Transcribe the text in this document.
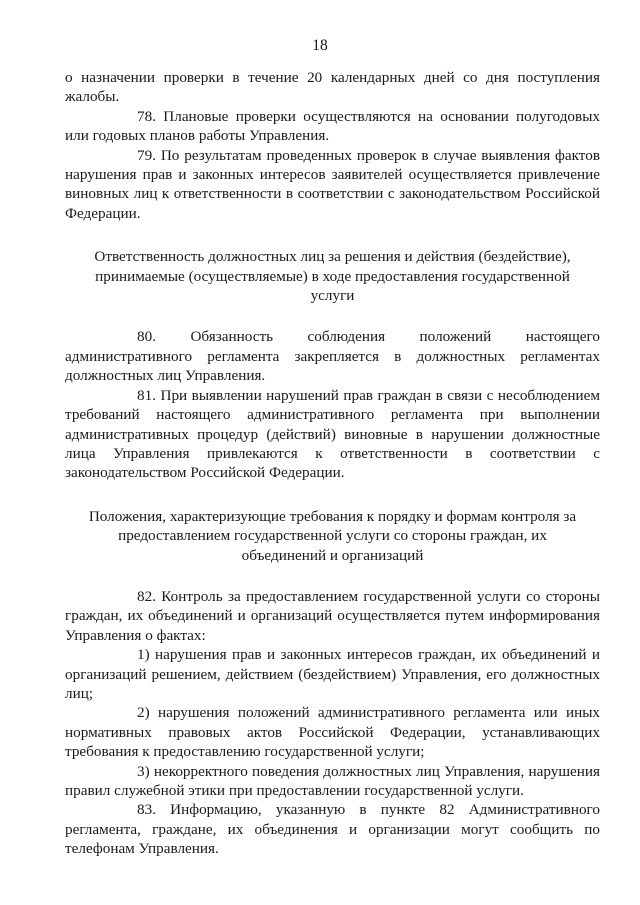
18

о назначении проверки в течение 20 календарных дней со дня поступления жалобы.

78. Плановые проверки осуществляются на основании полугодовых или годовых планов работы Управления.

79. По результатам проведенных проверок в случае выявления фактов нарушения прав и законных интересов заявителей осуществляется привлечение виновных лиц к ответственности в соответствии с законодательством Российской Федерации.

Ответственность должностных лиц за решения и действия (бездействие), принимаемые (осуществляемые) в ходе предоставления государственной услуги

80. Обязанность соблюдения положений настоящего административного регламента закрепляется в должностных регламентах должностных лиц Управления.

81. При выявлении нарушений прав граждан в связи с несоблюдением требований настоящего административного регламента при выполнении административных процедур (действий) виновные в нарушении должностные лица Управления привлекаются к ответственности в соответствии с законодательством Российской Федерации.

Положения, характеризующие требования к порядку и формам контроля за предоставлением государственной услуги со стороны граждан, их объединений и организаций

82. Контроль за предоставлением государственной услуги со стороны граждан, их объединений и организаций осуществляется путем информирования Управления о фактах:

1) нарушения прав и законных интересов граждан, их объединений и организаций решением, действием (бездействием) Управления, его должностных лиц;

2) нарушения положений административного регламента или иных нормативных правовых актов Российской Федерации, устанавливающих требования к предоставлению государственной услуги;

3) некорректного поведения должностных лиц Управления, нарушения правил служебной этики при предоставлении государственной услуги.

83. Информацию, указанную в пункте 82 Административного регламента, граждане, их объединения и организации могут сообщить по телефонам Управления.
